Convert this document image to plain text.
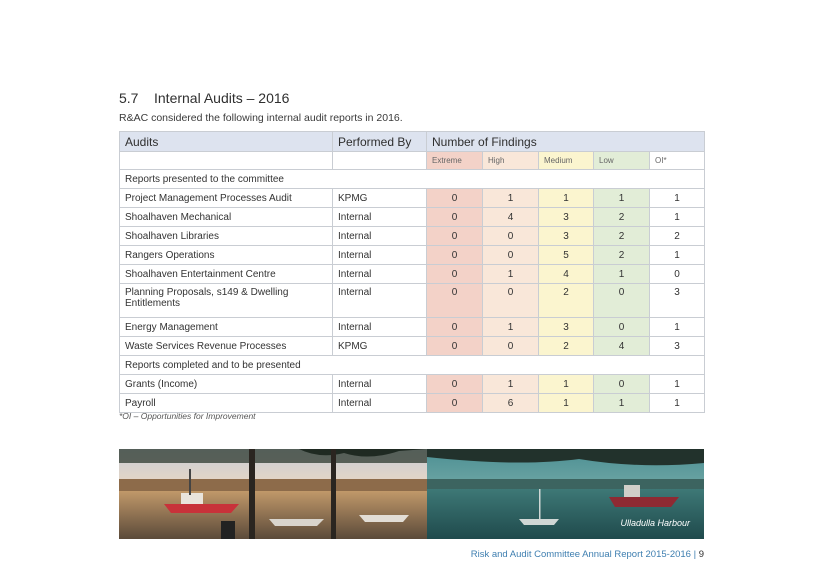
5.7	Internal Audits – 2016
R&AC considered the following internal audit reports in 2016.
Audits	Performed By	Number of Findings				
		Extreme	High	Medium	Low	OI*
Reports presented to the committee						
Project Management Processes Audit	KPMG	0	1	1	1	1
Shoalhaven Mechanical	Internal	0	4	3	2	1
Shoalhaven Libraries	Internal	0	0	3	2	2
Rangers Operations	Internal	0	0	5	2	1
Shoalhaven Entertainment Centre	Internal	0	1	4	1	0
Planning Proposals, s149 & Dwelling Entitlements	Internal	0	0	2	0	3
Energy Management	Internal	0	1	3	0	1
Waste Services Revenue Processes	KPMG	0	0	2	4	3
Reports completed and to be presented						
Grants (Income)	Internal	0	1	1	0	1
Payroll	Internal	0	6	1	1	1
*OI – Opportunities for Improvement
Ulladulla Harbour
Risk and Audit Committee Annual Report 2015-2016 | 9
